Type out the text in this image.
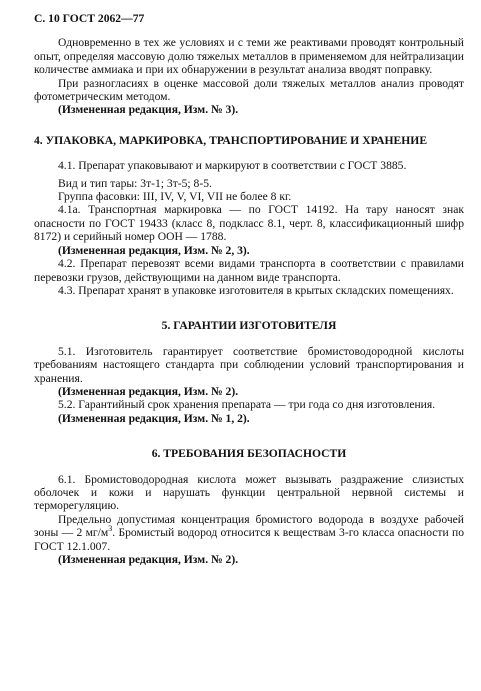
С. 10 ГОСТ 2062—77

Одновременно в тех же условиях и с теми же реактивами проводят контрольный опыт, определяя массовую долю тяжелых металлов в применяемом для нейтрализации количестве аммиака и при их обнаружении в результат анализа вводят поправку.

При разногласиях в оценке массовой доли тяжелых металлов анализ проводят фотометрическим методом.

(Измененная редакция, Изм. № 3).

4. УПАКОВКА, МАРКИРОВКА, ТРАНСПОРТИРОВАНИЕ И ХРАНЕНИЕ

4.1. Препарат упаковывают и маркируют в соответствии с ГОСТ 3885.

Вид и тип тары: 3т-1; 3т-5; 8-5.

Группа фасовки: III, IV, V, VI, VII не более 8 кг.

4.1а. Транспортная маркировка — по ГОСТ 14192. На тару наносят знак опасности по ГОСТ 19433 (класс 8, подкласс 8.1, черт. 8, классификационный шифр 8172) и серийный номер ООН — 1788.

(Измененная редакция, Изм. № 2, 3).

4.2. Препарат перевозят всеми видами транспорта в соответствии с правилами перевозки грузов, действующими на данном виде транспорта.

4.3. Препарат хранят в упаковке изготовителя в крытых складских помещениях.

5. ГАРАНТИИ ИЗГОТОВИТЕЛЯ

5.1. Изготовитель гарантирует соответствие бромистоводородной кислоты требованиям настоящего стандарта при соблюдении условий транспортирования и хранения.

(Измененная редакция, Изм. № 2).

5.2. Гарантийный срок хранения препарата — три года со дня изготовления.

(Измененная редакция, Изм. № 1, 2).

6. ТРЕБОВАНИЯ БЕЗОПАСНОСТИ

6.1. Бромистоводородная кислота может вызывать раздражение слизистых оболочек и кожи и нарушать функции центральной нервной системы и терморегуляцию.

Предельно допустимая концентрация бромистого водорода в воздухе рабочей зоны — 2 $мг/м^3$. Бромистый водород относится к веществам 3-го класса опасности по ГОСТ 12.1.007.

(Измененная редакция, Изм. № 2).
